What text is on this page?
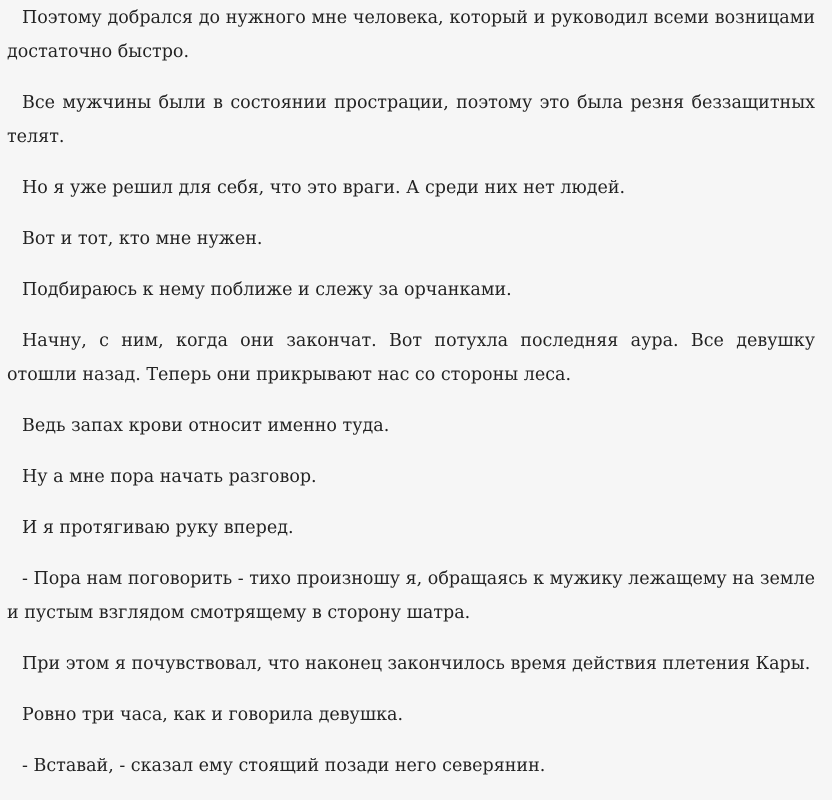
Поэтому добрался до нужного мне человека, который и руководил всеми возницами достаточно быстро.

Все мужчины были в состоянии прострации, поэтому это была резня беззащитных телят.

Но я уже решил для себя, что это враги. А среди них нет людей.

Вот и тот, кто мне нужен.

Подбираюсь к нему поближе и слежу за орчанками.

Начну, с ним, когда они закончат. Вот потухла последняя аура. Все девушку отошли назад. Теперь они прикрывают нас со стороны леса.

Ведь запах крови относит именно туда.

Ну а мне пора начать разговор.

И я протягиваю руку вперед.

- Пора нам поговорить - тихо произношу я, обращаясь к мужику лежащему на земле и пустым взглядом смотрящему в сторону шатра.

При этом я почувствовал, что наконец закончилось время действия плетения Кары.

Ровно три часа, как и говорила девушка.

- Вставай, - сказал ему стоящий позади него северянин.
